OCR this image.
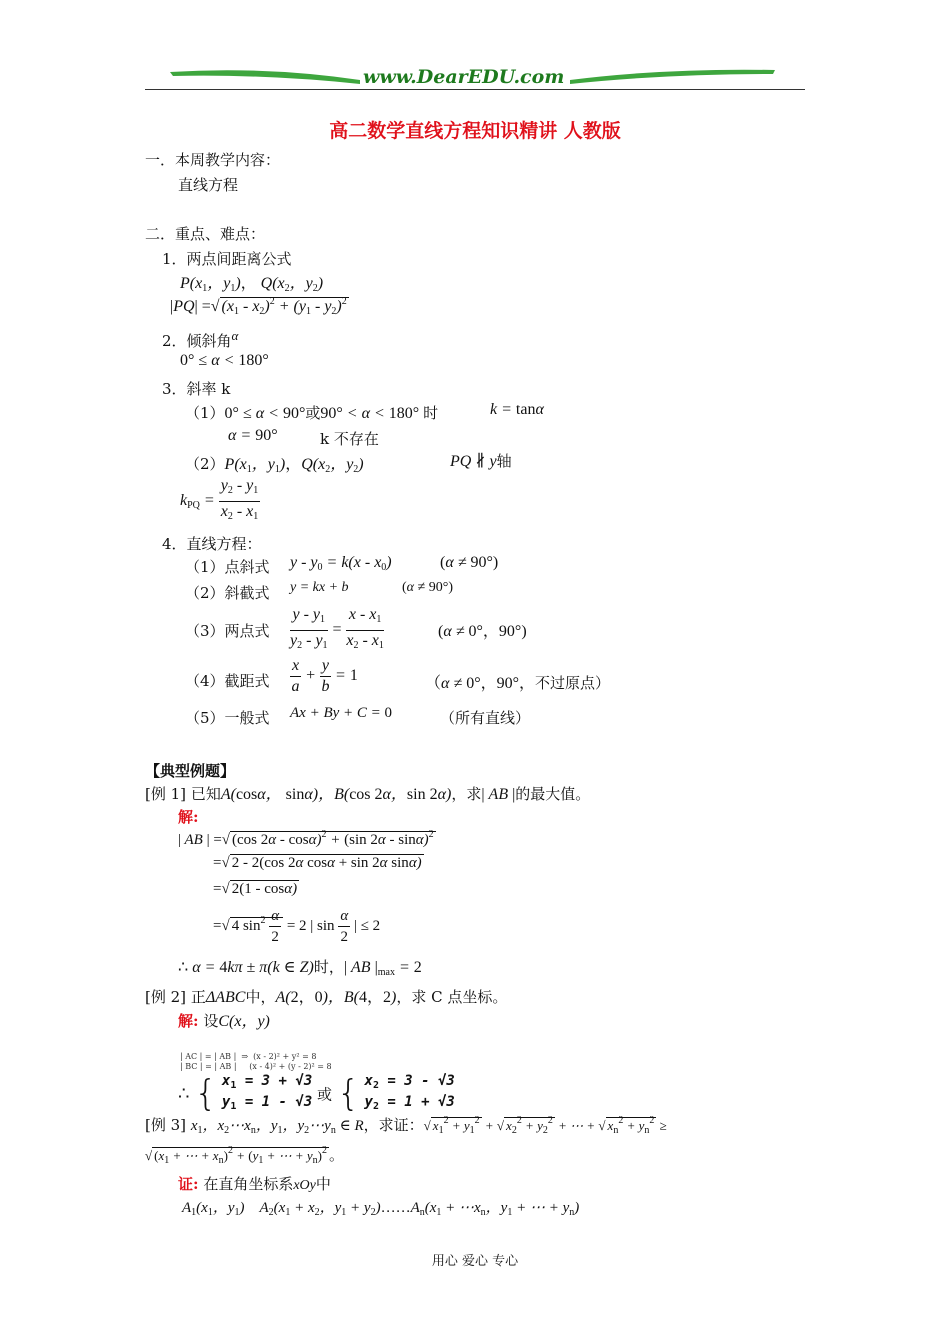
www.DearEDU.com
高二数学直线方程知识精讲 人教版
一．本周教学内容：
直线方程
二．重点、难点：
1．两点间距离公式
$P(x_1$，$y_1$)， $Q(x_2$，$y_2$)
|PQ| =√ $(x_1 - x_2)^2 + (y_1 - y_2)^2$
2．倾斜角α
0° ≤ α < 180°
3．斜率 k
（1）0° ≤ α < 90°或90° < α < 180° 时	k = tanα
α = 90°	k 不存在
$(2)P(x_1$，$y_1$)，$Q(x_2$，$y_2$)	PQ ∦ y轴
$k_{PQ} = \frac{y_2 - y_1}{x_2 - x_1}$
4．直线方程：
（1）点斜式 $y - y_0 = k(x - x_0)$	(α ≠ 90°)
（2）斜截式 y = kx + b	(α ≠ 90°)
（3）两点式 $\frac{y - y_1}{y_2 - y_1} = \frac{x - x_1}{x_2 - x_1}$	(α ≠ 0°，90°)
（4）截距式 $\frac{x}{a} + \frac{y}{b} = 1$	（α ≠ 0°，90°，不过原点）
（5）一般式 Ax + By + C = 0	（所有直线）
【典型例题】
[例 1] 已知A(cosα， sinα)，B(cos 2α，sin 2α)，求| AB |的最大值。
解:
| AB | =√ (cos 2α - cosα)$^2$ + (sin 2α - sinα)$^2$
=√ 2 - 2(cos 2α cosα + sin 2α sinα)
=√ 2(1 - cosα)
=√ 4 $\sin^2 \frac{\alpha}{2} = 2$ | $\sin \frac{\alpha}{2}$ | ≤ 2
∴ α = 4kπ ± π(k ∈ Z)时，| AB $|_{max} = 2$
[例 2] 正ΔABC中，A(2，0)，B(4，2)，求 C 点坐标。
解: 设C(x，y)
| AC | = | AB |  ⇒  (x - 2)² + y² = 8
| BC | = | AB |     (x - 4)² + (y - 2)² = 8
∴ { $x_1 = 3 + √3$
$y_1 = 1 - √3$ 或 { $x_2 = 3 - √3$
$y_2 = 1 + √3$
[例 3] $x_1$，$x_2\cdots x_n$，$y_1$，$y_2\cdots y_n$ ∈ R，求证：√ $x_1^2 + y_1^2$ + √ $x_2^2 + y_2^2$ + ⋯ + √ $x_n^2 + y_n^2$ ≥
√ ($x_1$ + ⋯ + $x_n)^2 + (y_1$ + ⋯ + $y_n)^2$ 。
证: 在直角坐标系xOy中
$A_1(x_1$，$y_1$)    $A_2(x_1 + x_2$，$y_1$ + $y_2)\dots\dots A_n(x_1$ + $\cdots x_n$，$y_1$ + ⋯ + $y_n$)
用心 爱心 专心
